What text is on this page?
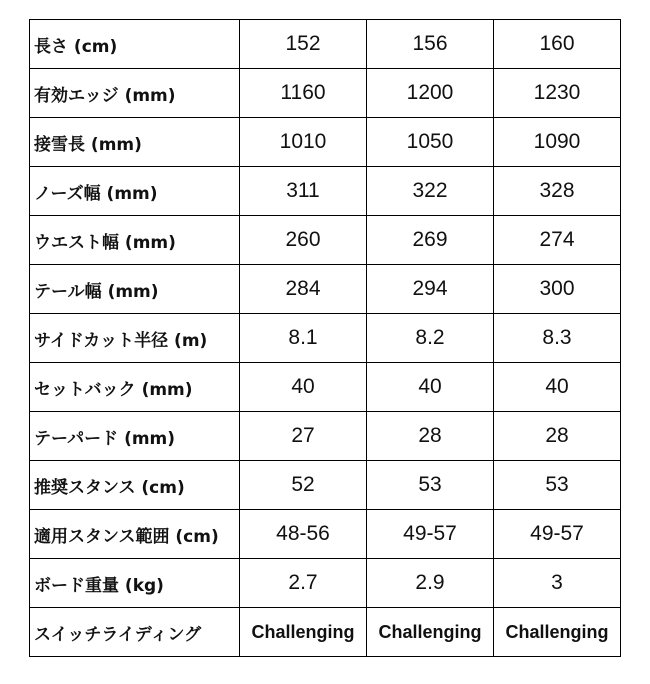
長さ (cm)	152	156	160
有効エッジ (mm)	1160	1200	1230
接雪長 (mm)	1010	1050	1090
ノーズ幅 (mm)	311	322	328
ウエスト幅 (mm)	260	269	274
テール幅 (mm)	284	294	300
サイドカット半径 (m)	8.1	8.2	8.3
セットバック (mm)	40	40	40
テーパード (mm)	27	28	28
推奨スタンス (cm)	52	53	53
適用スタンス範囲 (cm)	48-56	49-57	49-57
ボード重量 (kg)	2.7	2.9	3
スイッチライディング	Challenging	Challenging	Challenging
